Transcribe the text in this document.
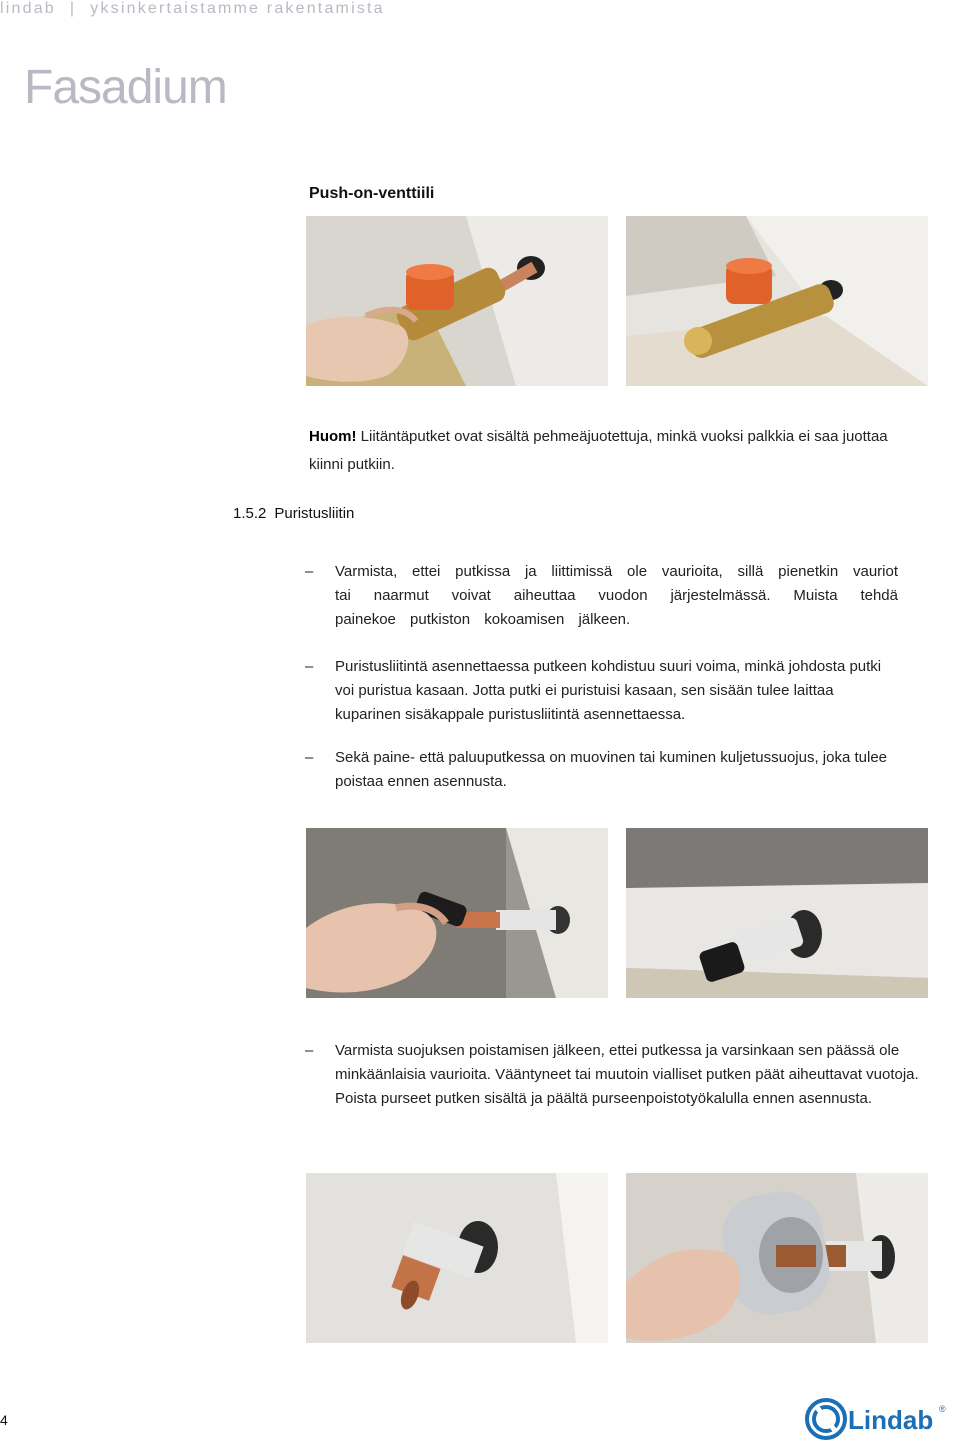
lindab | yksinkertaistamme rakentamista
Fasadium
Push-on-venttiili
Huom! Liitäntäputket ovat sisältä pehmeäjuotettuja, minkä vuoksi palkkia ei saa juottaa kiinni putkiin.
1.5.2 Puristusliitin
– Varmista, ettei putkissa ja liittimissä ole vaurioita, sillä pienetkin vauriot tai naarmut voivat aiheuttaa vuodon järjestelmässä. Muista tehdä painekoe putkiston kokoamisen jälkeen.
– Puristusliitintä asennettaessa putkeen kohdistuu suuri voima, minkä johdosta putki voi puristua kasaan. Jotta putki ei puristuisi kasaan, sen sisään tulee laittaa kuparinen sisäkappale puristusliitintä asennettaessa.
– Sekä paine- että paluuputkessa on muovinen tai kuminen kuljetussuojus, joka tulee poistaa ennen asennusta.
– Varmista suojuksen poistamisen jälkeen, ettei putkessa ja varsinkaan sen päässä ole minkäänlaisia vaurioita. Vääntyneet tai muutoin vialliset putken päät aiheuttavat vuotoja. Poista purseet putken sisältä ja päältä purseenpoistotyökalulla ennen asennusta.
4	Lindab ®
